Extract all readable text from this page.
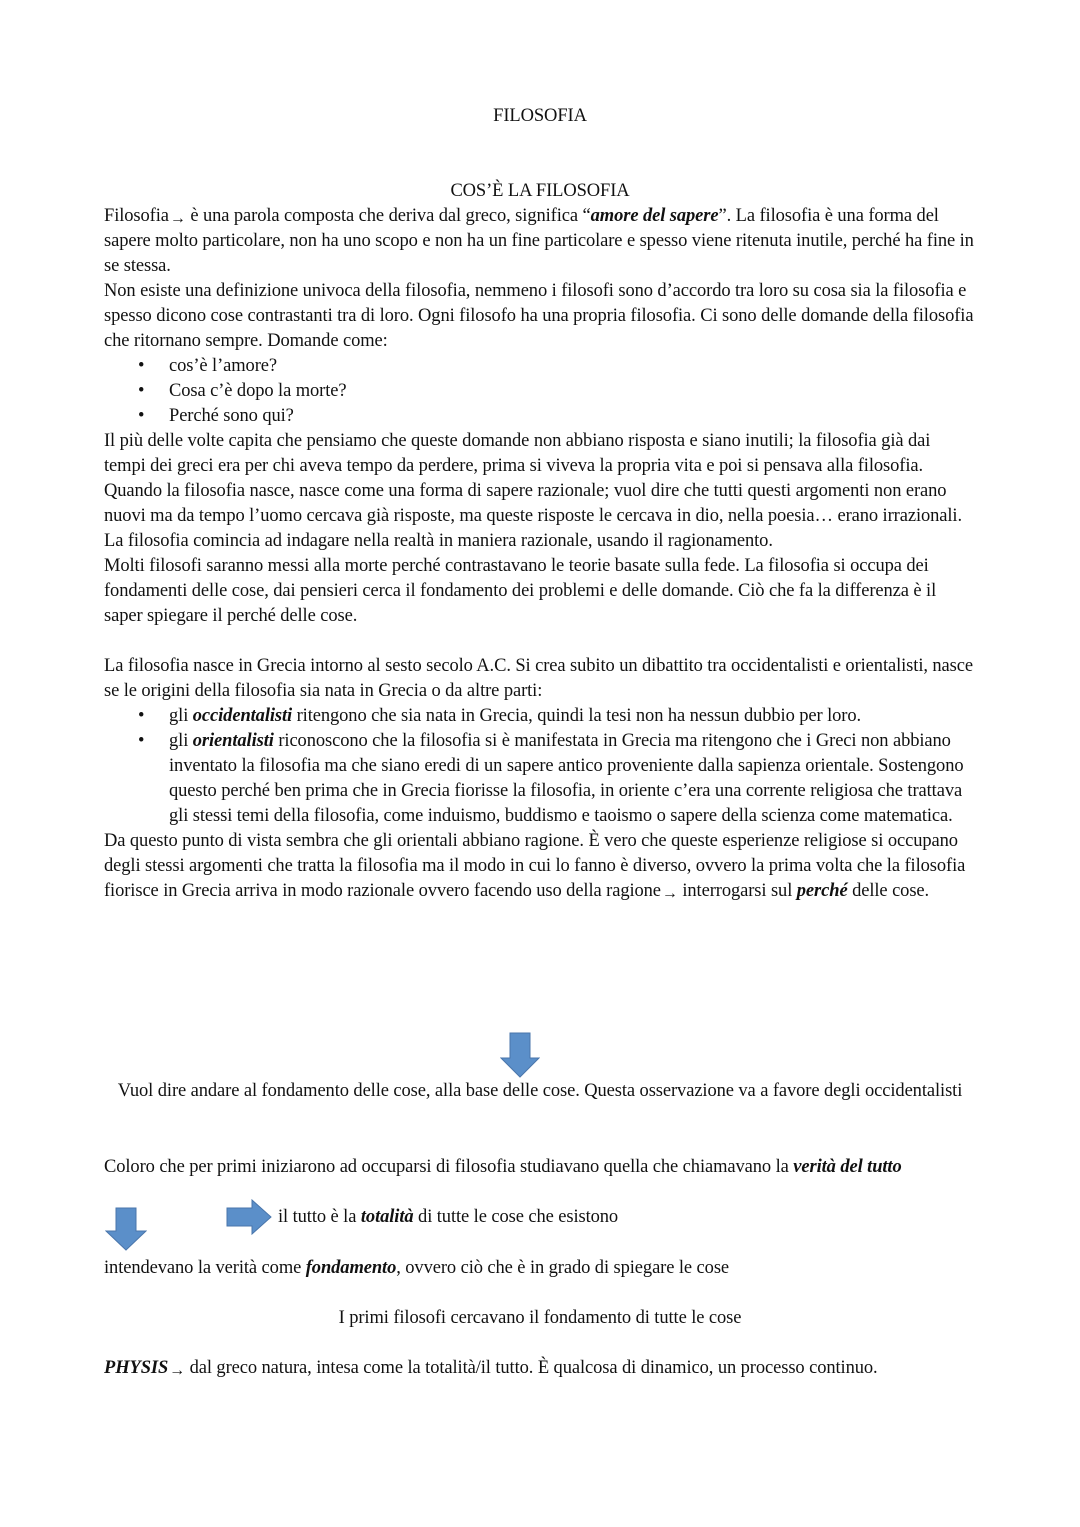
FILOSOFIA

COS’È LA FILOSOFIA

Filosofia→ è una parola composta che deriva dal greco, significa “amore del sapere”. La filosofia è una forma del sapere molto particolare, non ha uno scopo e non ha un fine particolare e spesso viene ritenuta inutile, perché ha fine in se stessa.

Non esiste una definizione univoca della filosofia, nemmeno i filosofi sono d’accordo tra loro su cosa sia la filosofia e spesso dicono cose contrastanti tra di loro. Ogni filosofo ha una propria filosofia. Ci sono delle domande della filosofia che ritornano sempre. Domande come:

• cos’è l’amore?
• Cosa c’è dopo la morte?
• Perché sono qui?

Il più delle volte capita che pensiamo che queste domande non abbiano risposta e siano inutili; la filosofia già dai tempi dei greci era per chi aveva tempo da perdere, prima si viveva la propria vita e poi si pensava alla filosofia.

Quando la filosofia nasce, nasce come una forma di sapere razionale; vuol dire che tutti questi argomenti non erano nuovi ma da tempo l’uomo cercava già risposte, ma queste risposte le cercava in dio, nella poesia… erano irrazionali. La filosofia comincia ad indagare nella realtà in maniera razionale, usando il ragionamento.

Molti filosofi saranno messi alla morte perché contrastavano le teorie basate sulla fede. La filosofia si occupa dei fondamenti delle cose, dai pensieri cerca il fondamento dei problemi e delle domande. Ciò che fa la differenza è il saper spiegare il perché delle cose.

La filosofia nasce in Grecia intorno al sesto secolo A.C. Si crea subito un dibattito tra occidentalisti e orientalisti, nasce se le origini della filosofia sia nata in Grecia o da altre parti:

• gli occidentalisti ritengono che sia nata in Grecia, quindi la tesi non ha nessun dubbio per loro.
• gli orientalisti riconoscono che la filosofia si è manifestata in Grecia ma ritengono che i Greci non abbiano inventato la filosofia ma che siano eredi di un sapere antico proveniente dalla sapienza orientale. Sostengono questo perché ben prima che in Grecia fiorisse la filosofia, in oriente c’era una corrente religiosa che trattava gli stessi temi della filosofia, come induismo, buddismo e taoismo o sapere della scienza come matematica.

Da questo punto di vista sembra che gli orientali abbiano ragione. È vero che queste esperienze religiose si occupano degli stessi argomenti che tratta la filosofia ma il modo in cui lo fanno è diverso, ovvero la prima volta che la filosofia fiorisce in Grecia arriva in modo razionale ovvero facendo uso della ragione→ interrogarsi sul perché delle cose.

Vuol dire andare al fondamento delle cose, alla base delle cose. Questa osservazione va a favore degli occidentalisti

Coloro che per primi iniziarono ad occuparsi di filosofia studiavano quella che chiamavano la verità del tutto

il tutto è la totalità di tutte le cose che esistono

intendevano la verità come fondamento, ovvero ciò che è in grado di spiegare le cose

I primi filosofi cercavano il fondamento di tutte le cose

PHYSIS→ dal greco natura, intesa come la totalità/il tutto. È qualcosa di dinamico, un processo continuo.
